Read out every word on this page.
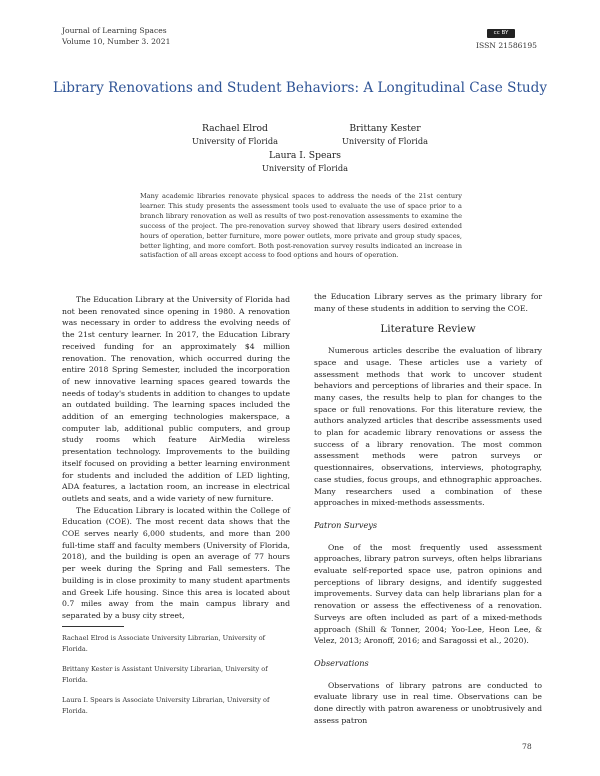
Journal of Learning Spaces
Volume 10, Number 3. 2021
cc BY
ISSN 21586195
Library Renovations and Student Behaviors: A Longitudinal Case Study
Rachael Elrod
University of Florida
Brittany Kester
University of Florida
Laura I. Spears
University of Florida
Many academic libraries renovate physical spaces to address the needs of the 21st century learner. This study presents the assessment tools used to evaluate the use of space prior to a branch library renovation as well as results of two post-renovation assessments to examine the success of the project. The pre-renovation survey showed that library users desired extended hours of operation, better furniture, more power outlets, more private and group study spaces, better lighting, and more comfort. Both post-renovation survey results indicated an increase in satisfaction of all areas except access to food options and hours of operation.

The Education Library at the University of Florida had not been renovated since opening in 1980. A renovation was necessary in order to address the evolving needs of the 21st century learner. In 2017, the Education Library received funding for an approximately $4 million renovation. The renovation, which occurred during the entire 2018 Spring Semester, included the incorporation of new innovative learning spaces geared towards the needs of today's students in addition to changes to update an outdated building. The learning spaces included the addition of an emerging technologies makerspace, a computer lab, additional public computers, and group study rooms which feature AirMedia wireless presentation technology. Improvements to the building itself focused on providing a better learning environment for students and included the addition of LED lighting, ADA features, a lactation room, an increase in electrical outlets and seats, and a wide variety of new furniture.

The Education Library is located within the College of Education (COE). The most recent data shows that the COE serves nearly 6,000 students, and more than 200 full-time staff and faculty members (University of Florida, 2018), and the building is open an average of 77 hours per week during the Spring and Fall semesters. The building is in close proximity to many student apartments and Greek Life housing. Since this area is located about 0.7 miles away from the main campus library and separated by a busy city street,

the Education Library serves as the primary library for many of these students in addition to serving the COE.

Literature Review

Numerous articles describe the evaluation of library space and usage. These articles use a variety of assessment methods that work to uncover student behaviors and perceptions of libraries and their space. In many cases, the results help to plan for changes to the space or full renovations. For this literature review, the authors analyzed articles that describe assessments used to plan for academic library renovations or assess the success of a library renovation. The most common assessment methods were patron surveys or questionnaires, observations, interviews, photography, case studies, focus groups, and ethnographic approaches. Many researchers used a combination of these approaches in mixed-methods assessments.

Patron Surveys

One of the most frequently used assessment approaches, library patron surveys, often helps librarians evaluate self-reported space use, patron opinions and perceptions of library designs, and identify suggested improvements. Survey data can help librarians plan for a renovation or assess the effectiveness of a renovation. Surveys are often included as part of a mixed-methods approach (Shill & Tonner, 2004; Yoo-Lee, Heon Lee, & Velez, 2013; Aronoff, 2016; and Saragossi et al., 2020).

Observations

Observations of library patrons are conducted to evaluate library use in real time. Observations can be done directly with patron awareness or unobtrusively and assess patron

Rachael Elrod is Associate University Librarian, University of Florida.
Brittany Kester is Assistant University Librarian, University of Florida.
Laura I. Spears is Associate University Librarian, University of Florida.
78
